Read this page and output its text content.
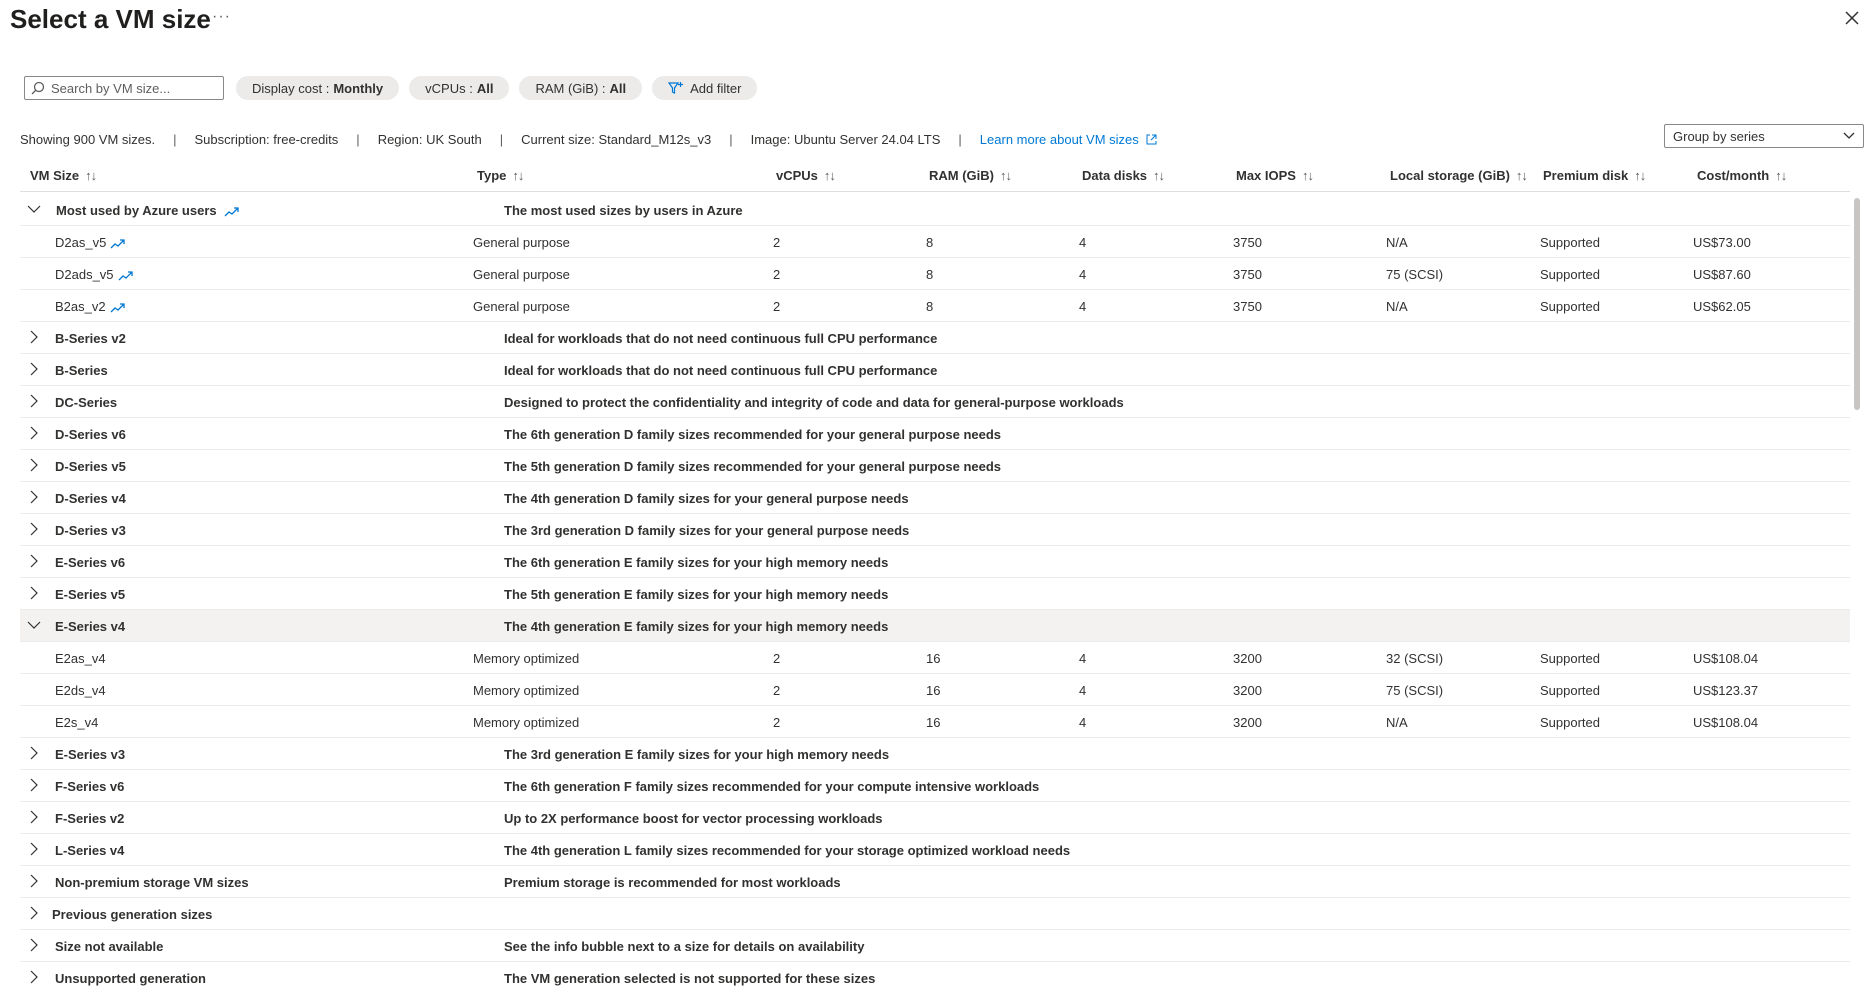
Select a VM size ···
Search by VM size...
Display cost : Monthly	vCPUs : All	RAM (GiB) : All	Add filter
Showing 900 VM sizes. | Subscription: free-credits | Region: UK South | Current size: Standard_M12s_v3 | Image: Ubuntu Server 24.04 LTS | Learn more about VM sizes	Group by series
VM Size ↑↓	Type ↑↓	vCPUs ↑↓	RAM (GiB) ↑↓	Data disks ↑↓	Max IOPS ↑↓	Local storage (GiB) ↑↓ Premium disk ↑↓	Cost/month ↑↓
Most used by Azure users	The most used sizes by users in Azure
D2as_v5	General purpose	2	8	4	3750	N/A	Supported	US$73.00
D2ads_v5	General purpose	2	8	4	3750	75 (SCSI)	Supported	US$87.60
B2as_v2	General purpose	2	8	4	3750	N/A	Supported	US$62.05
B-Series v2	Ideal for workloads that do not need continuous full CPU performance
B-Series	Ideal for workloads that do not need continuous full CPU performance
DC-Series	Designed to protect the confidentiality and integrity of code and data for general-purpose workloads
D-Series v6	The 6th generation D family sizes recommended for your general purpose needs
D-Series v5	The 5th generation D family sizes recommended for your general purpose needs
D-Series v4	The 4th generation D family sizes for your general purpose needs
D-Series v3	The 3rd generation D family sizes for your general purpose needs
E-Series v6	The 6th generation E family sizes for your high memory needs
E-Series v5	The 5th generation E family sizes for your high memory needs
E-Series v4	The 4th generation E family sizes for your high memory needs
E2as_v4	Memory optimized	2	16	4	3200	32 (SCSI)	Supported	US$108.04
E2ds_v4	Memory optimized	2	16	4	3200	75 (SCSI)	Supported	US$123.37
E2s_v4	Memory optimized	2	16	4	3200	N/A	Supported	US$108.04
E-Series v3	The 3rd generation E family sizes for your high memory needs
F-Series v6	The 6th generation F family sizes recommended for your compute intensive workloads
F-Series v2	Up to 2X performance boost for vector processing workloads
L-Series v4	The 4th generation L family sizes recommended for your storage optimized workload needs
Non-premium storage VM sizes	Premium storage is recommended for most workloads
Previous generation sizes
Size not available	See the info bubble next to a size for details on availability
Unsupported generation	The VM generation selected is not supported for these sizes
